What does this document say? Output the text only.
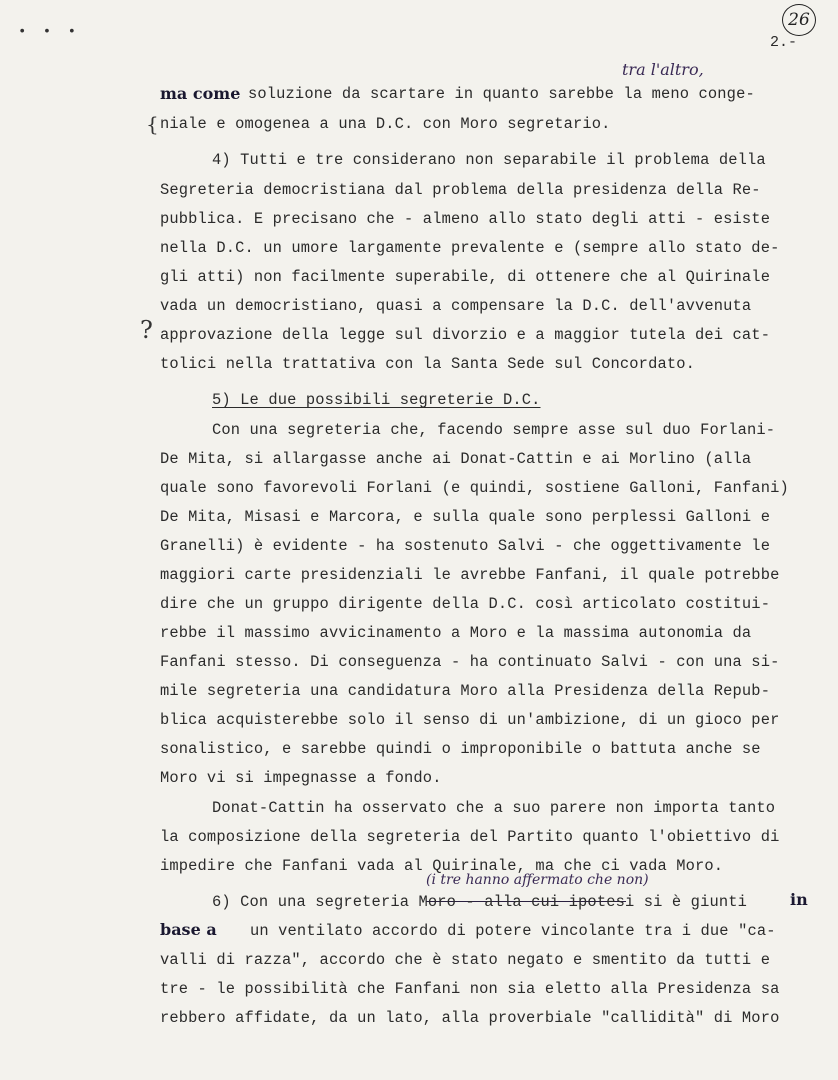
• • •
26
2.-
tra l'altro,
ma come soluzione da scartare in quanto sarebbe la meno conge-
{ niale e omogenea a una D.C. con Moro segretario.
4) Tutti e tre considerano non separabile il problema della
Segreteria democristiana dal problema della presidenza della Re-
pubblica. E precisano che - almeno allo stato degli atti - esiste
nella D.C. un umore largamente prevalente e (sempre allo stato de-
gli atti) non facilmente superabile, di ottenere che al Quirinale
vada un democristiano, quasi a compensare la D.C. dell'avvenuta
? approvazione della legge sul divorzio e a maggior tutela dei cat-
tolici nella trattativa con la Santa Sede sul Concordato.
5) Le due possibili segreterie D.C.
Con una segreteria che, facendo sempre asse sul duo Forlani-
De Mita, si allargasse anche ai Donat-Cattin e ai Morlino (alla
quale sono favorevoli Forlani (e quindi, sostiene Galloni, Fanfani)
De Mita, Misasi e Marcora, e sulla quale sono perplessi Galloni e
Granelli) è evidente - ha sostenuto Salvi - che oggettivamente le
maggiori carte presidenziali le avrebbe Fanfani, il quale potrebbe
dire che un gruppo dirigente della D.C. così articolato costitui-
rebbe il massimo avvicinamento a Moro e la massima autonomia da
Fanfani stesso. Di conseguenza - ha continuato Salvi - con una si-
mile segreteria una candidatura Moro alla Presidenza della Repub-
blica acquisterebbe solo il senso di un'ambizione, di un gioco per
sonalistico, e sarebbe quindi o improponibile o battuta anche se
Moro vi si impegnasse a fondo.
Donat-Cattin ha osservato che a suo parere non importa tanto
la composizione della segreteria del Partito quanto l'obiettivo di
impedire che Fanfani vada al Quirinale, ma che ci vada Moro.
(i tre hanno affermato che non)
6) Con una segreteria Moro - alla cui ipotesi si è giunti	in
base a un ventilato accordo di potere vincolante tra i due "ca-
valli di razza", accordo che è stato negato e smentito da tutti e
tre - le possibilità che Fanfani non sia eletto alla Presidenza sa
rebbero affidate, da un lato, alla proverbiale "callidità" di Moro
